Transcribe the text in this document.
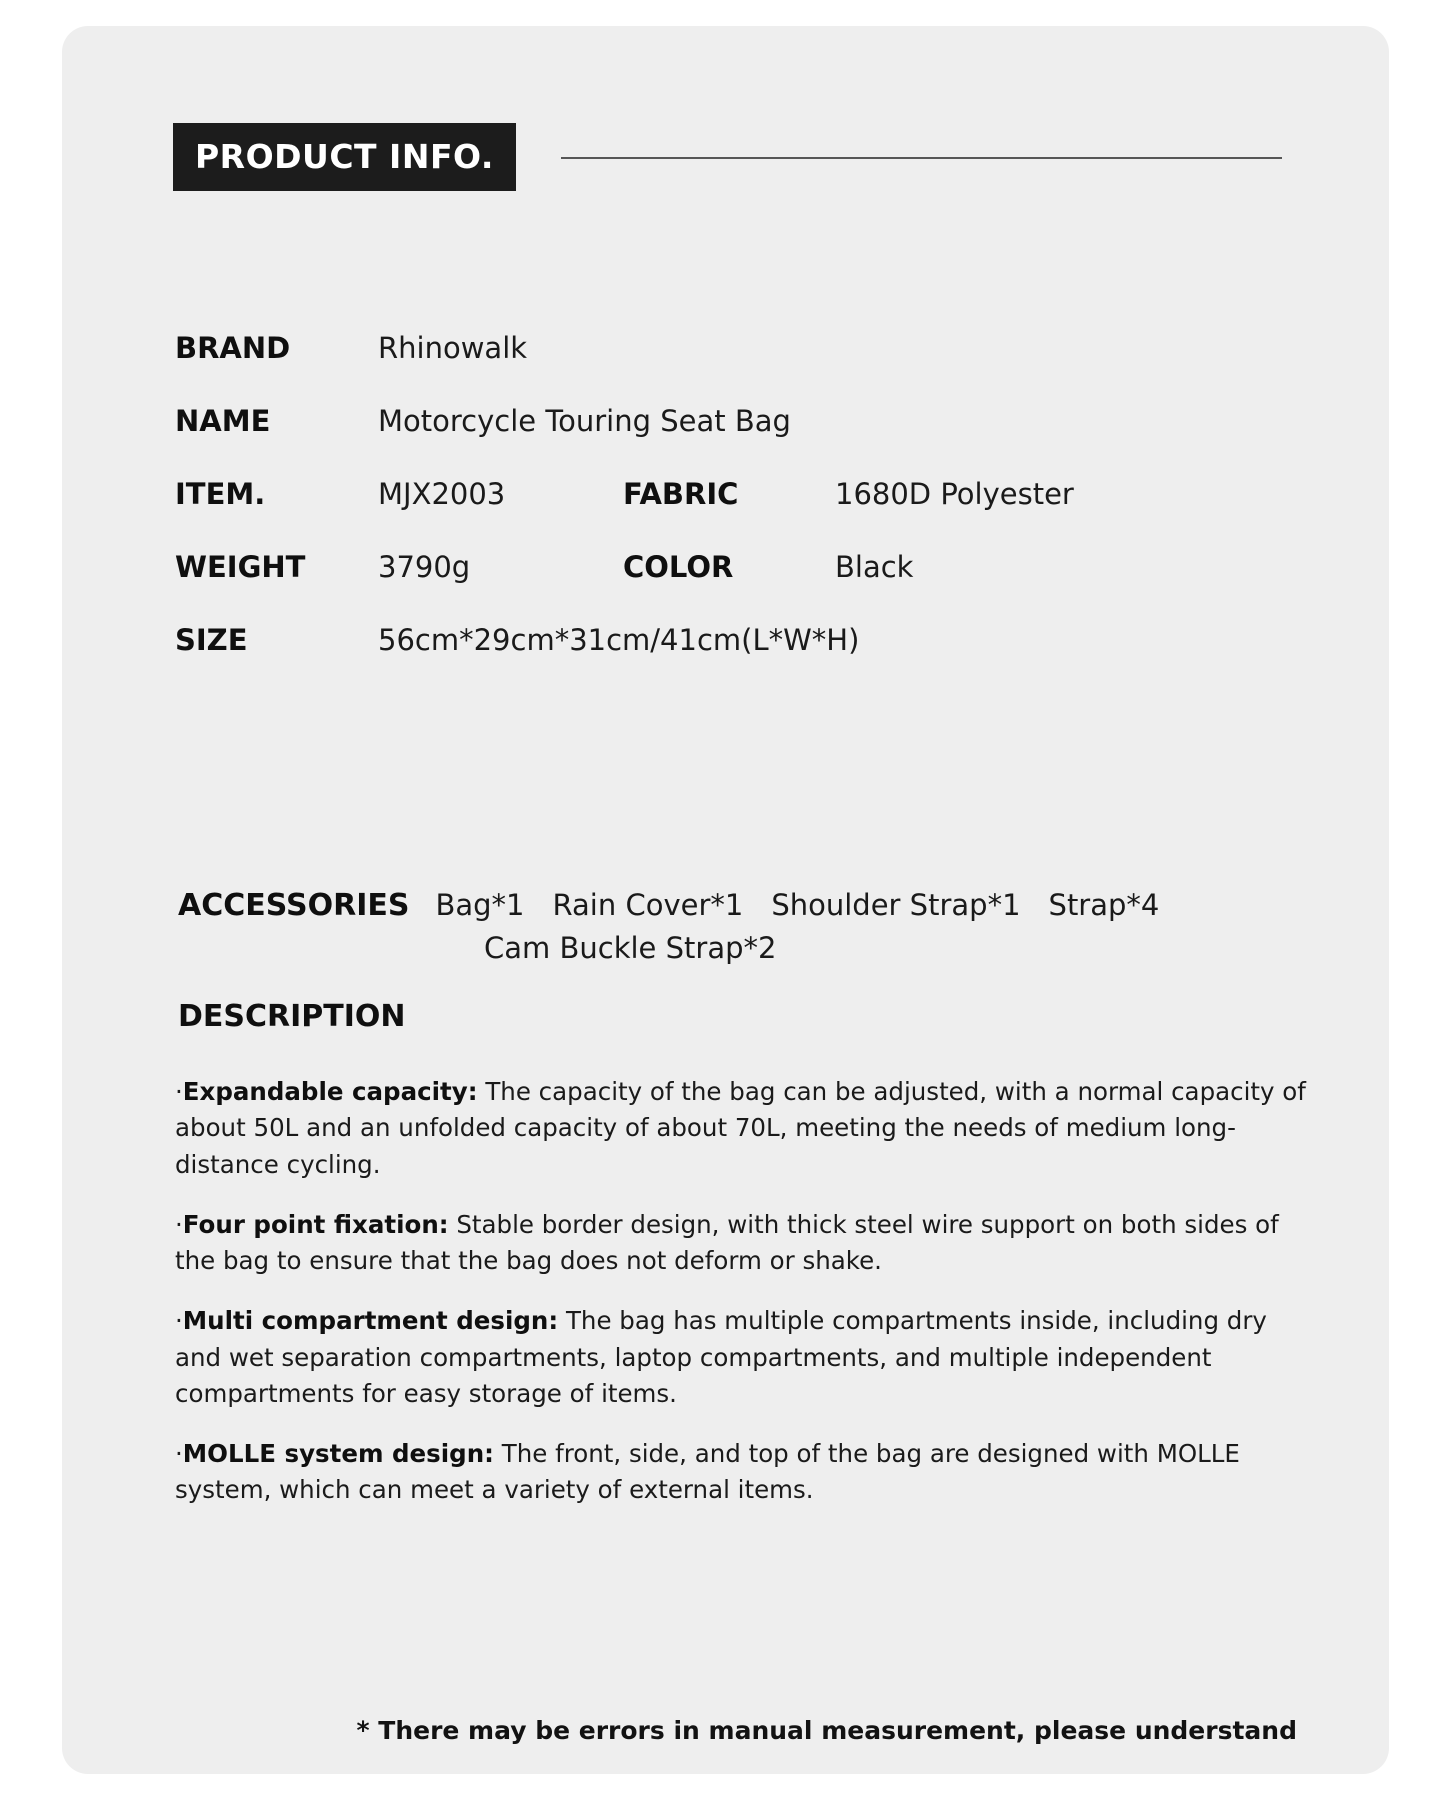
PRODUCT INFO.
BRAND	Rhinowalk
NAME	Motorcycle Touring Seat Bag
ITEM.	MJX2003	FABRIC	1680D Polyester
WEIGHT	3790g	COLOR	Black
SIZE	56cm*29cm*31cm/41cm(L*W*H)
ACCESSORIES Bag*1 Rain Cover*1 Shoulder Strap*1 Strap*4
Cam Buckle Strap*2
DESCRIPTION
·Expandable capacity: The capacity of the bag can be adjusted, with a normal capacity of about 50L and an unfolded capacity of about 70L, meeting the needs of medium long-distance cycling.
·Four point fixation: Stable border design, with thick steel wire support on both sides of the bag to ensure that the bag does not deform or shake.
·Multi compartment design: The bag has multiple compartments inside, including dry and wet separation compartments, laptop compartments, and multiple independent compartments for easy storage of items.
·MOLLE system design: The front, side, and top of the bag are designed with MOLLE system, which can meet a variety of external items.
* There may be errors in manual measurement, please understand
